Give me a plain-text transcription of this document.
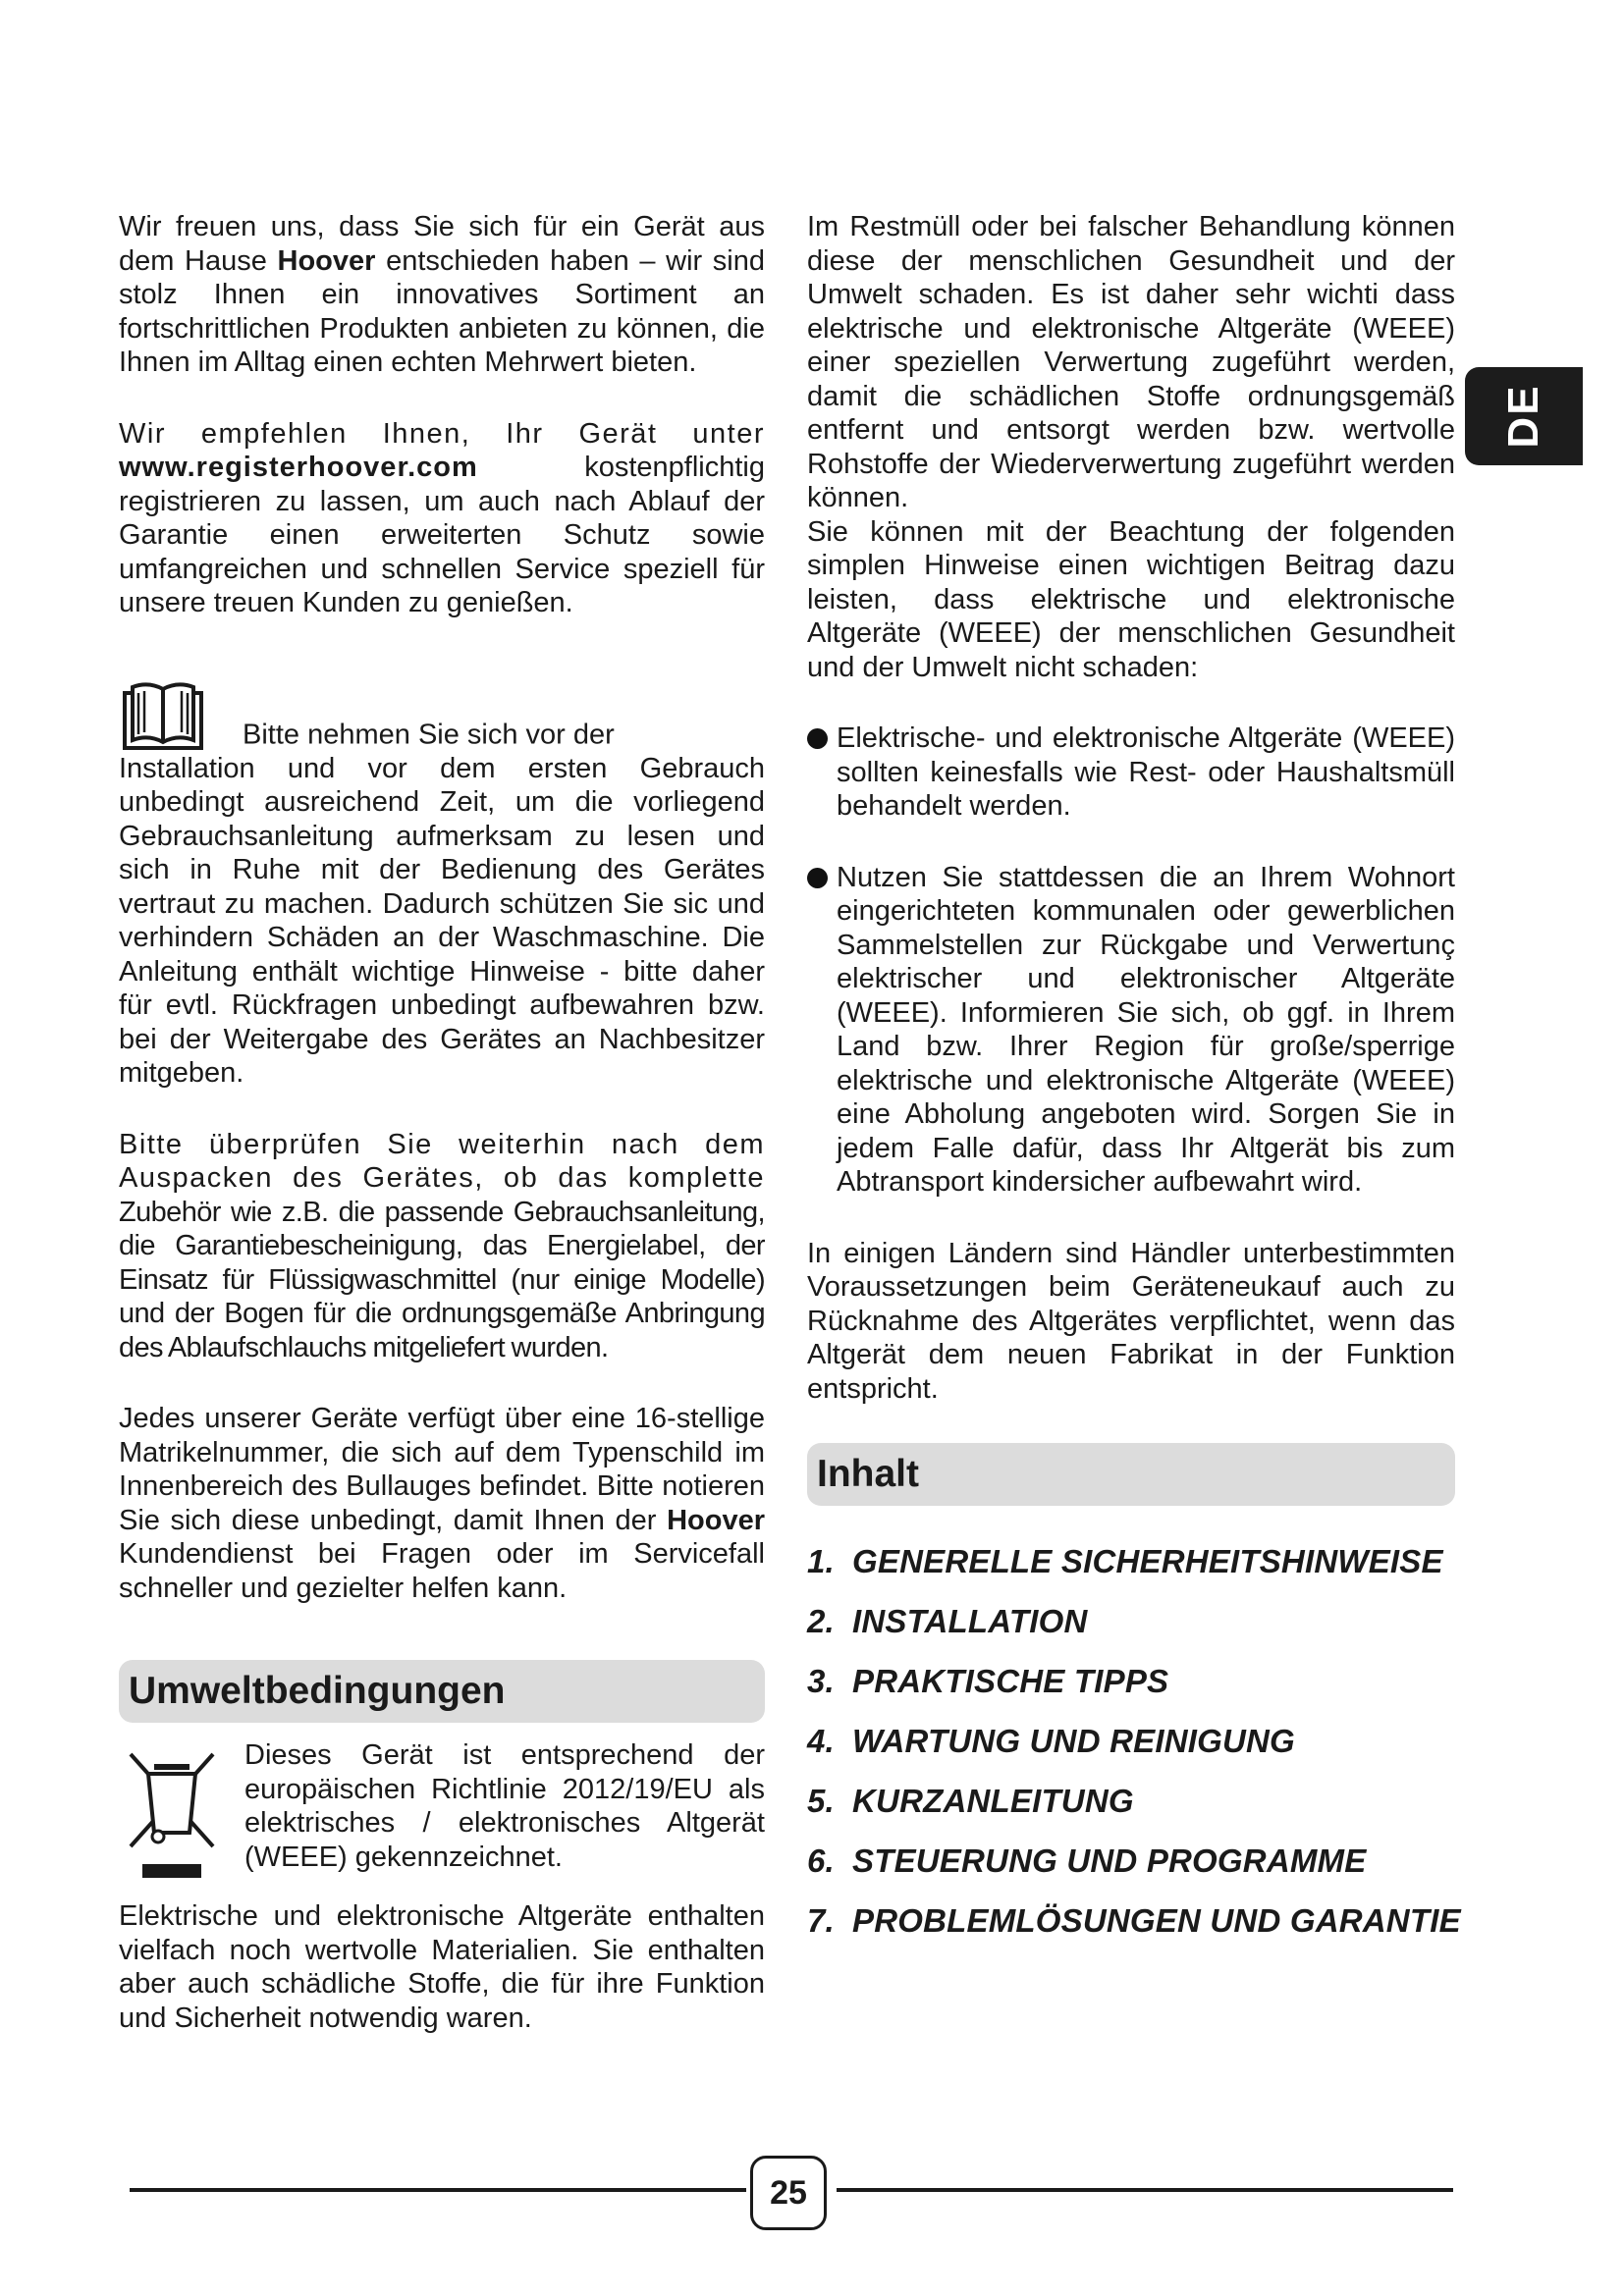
DE

Wir freuen uns, dass Sie sich für ein Gerät aus dem Hause Hoover entschieden haben – wir sind stolz Ihnen ein innovatives Sortiment an fortschrittlichen Produkten anbieten zu können, die Ihnen im Alltag einen echten Mehrwert bieten.

Wir empfehlen Ihnen, Ihr Gerät unter www.registerhoover.com	kostenpflichtig registrieren zu lassen, um auch nach Ablauf der Garantie einen erweiterten Schutz sowie umfangreichen und schnellen Service speziell für unsere treuen Kunden zu genießen.

Bitte nehmen Sie sich vor der

Installation und vor dem ersten Gebrauch unbedingt ausreichend Zeit, um die vorliegend Gebrauchsanleitung aufmerksam zu lesen und sich in Ruhe mit der Bedienung des Gerätes vertraut zu machen. Dadurch schützen Sie sic und verhindern Schäden an der Waschmaschine. Die Anleitung enthält wichtige Hinweise - bitte daher für evtl. Rückfragen unbedingt aufbewahren bzw. bei der Weitergabe des Gerätes an Nachbesitzer mitgeben.

Bitte überprüfen Sie weiterhin nach dem Auspacken des Gerätes, ob das komplette Zubehör wie z.B. die passende Gebrauchsanleitung, die Garantiebescheinigung, das Energielabel, der Einsatz für Flüssigwaschmittel (nur einige Modelle) und der Bogen für die ordnungsgemäße Anbringung des Ablaufschlauchs mitgeliefert wurden.

Jedes unserer Geräte verfügt über eine 16-stellige Matrikelnummer, die sich auf dem Typenschild im Innenbereich des Bullauges befindet. Bitte notieren Sie sich diese unbedingt, damit Ihnen der Hoover Kundendienst bei Fragen oder im Servicefall schneller und gezielter helfen kann.

Umweltbedingungen

Dieses Gerät ist entsprechend der europäischen Richtlinie 2012/19/EU als elektrisches / elektronisches Altgerät (WEEE) gekennzeichnet.

Elektrische und elektronische Altgeräte enthalten vielfach noch wertvolle Materialien. Sie enthalten aber auch schädliche Stoffe, die für ihre Funktion und Sicherheit notwendig waren.

Im Restmüll oder bei falscher Behandlung können diese der menschlichen Gesundheit und der Umwelt schaden. Es ist daher sehr wichti dass elektrische und elektronische Altgeräte (WEEE) einer speziellen Verwertung zugeführt werden, damit die schädlichen Stoffe ordnungsgemäß entfernt und entsorgt werden bzw. wertvolle Rohstoffe der Wiederverwertung zugeführt werden können.

Sie können mit der Beachtung der folgenden simplen Hinweise einen wichtigen Beitrag dazu leisten, dass elektrische und elektronische Altgeräte (WEEE) der menschlichen Gesundheit und der Umwelt nicht schaden:

Elektrische- und elektronische Altgeräte (WEEE) sollten keinesfalls wie Rest- oder Haushaltsmüll behandelt werden.

Nutzen Sie stattdessen die an Ihrem Wohnort eingerichteten kommunalen oder gewerblichen Sammelstellen zur Rückgabe und Verwertunç elektrischer und elektronischer Altgeräte (WEEE). Informieren Sie sich, ob ggf. in Ihrem Land bzw. Ihrer Region für große/sperrige elektrische und elektronische Altgeräte (WEEE) eine Abholung angeboten wird. Sorgen Sie in jedem Falle dafür, dass Ihr Altgerät bis zum Abtransport kindersicher aufbewahrt wird.

In einigen Ländern sind Händler unterbestimmten Voraussetzungen beim Geräteneukauf auch zu Rücknahme des Altgerätes verpflichtet, wenn das Altgerät dem neuen Fabrikat in der Funktion entspricht.

Inhalt
1. GENERELLE SICHERHEITSHINWEISE
2. INSTALLATION
3. PRAKTISCHE TIPPS
4. WARTUNG UND REINIGUNG
5. KURZANLEITUNG
6. STEUERUNG UND PROGRAMME
7. PROBLEMLÖSUNGEN UND GARANTIE
25
